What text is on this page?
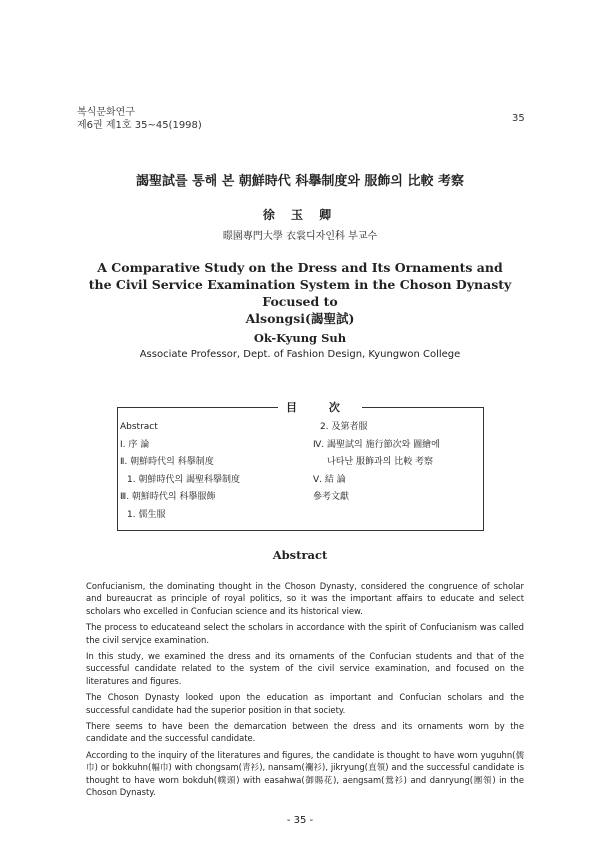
복식문화연구
제6권 제1호 35~45(1998)
35
謁聖試를 통해 본 朝鮮時代 科擧制度와 服飾의 比較 考察
徐 玉 卿
暻園專門大學 衣裳디자인科 부교수
A Comparative Study on the Dress and Its Ornaments and
the Civil Service Examination System in the Choson Dynasty Focused to
Alsongsi(謁聖試)
Ok-Kyung Suh
Associate Professor, Dept. of Fashion Design, Kyungwon College
目 次
Abstract
Ⅰ. 序 論
Ⅱ. 朝鮮時代의 科擧制度
1. 朝鮮時代의 謁聖科擧制度
Ⅲ. 朝鮮時代의 科擧服飾
1. 儒生服
2. 及第者服
Ⅳ. 謁聖試의 施行節次와 圖繪에
나타난 服飾과의 比較 考察
Ⅴ. 結 論
參考文獻
Abstract

Confucianism, the dominating thought in the Choson Dynasty, considered the congruence of scholar and bureaucrat as principle of royal politics, so it was the important affairs to educate and select scholars who excelled in Confucian science and its historical view.

The process to educateand select the scholars in accordance with the spirit of Confucianism was called the civil servjce examination.

In this study, we examined the dress and its ornaments of the Confucian students and that of the successful candidate related to the system of the civil service examination, and focused on the literatures and figures.

The Choson Dynasty looked upon the education as important and Confucian scholars and the successful candidate had the superior position in that society.

There seems to have been the demarcation between the dress and its ornaments worn by the candidate and the successful candidate.

According to the inquiry of the literatures and figures, the candidate is thought to have worn yuguhn(儒巾) or bokkuhn(幅巾) with chongsam(靑衫), nansam(襴衫), jikryung(直領) and the successful candidate is thought to have worn bokduh(幞頭) with easahwa(御賜花), aengsam(鶯衫) and danryung(團領) in the Choson Dynasty.

- 35 -
